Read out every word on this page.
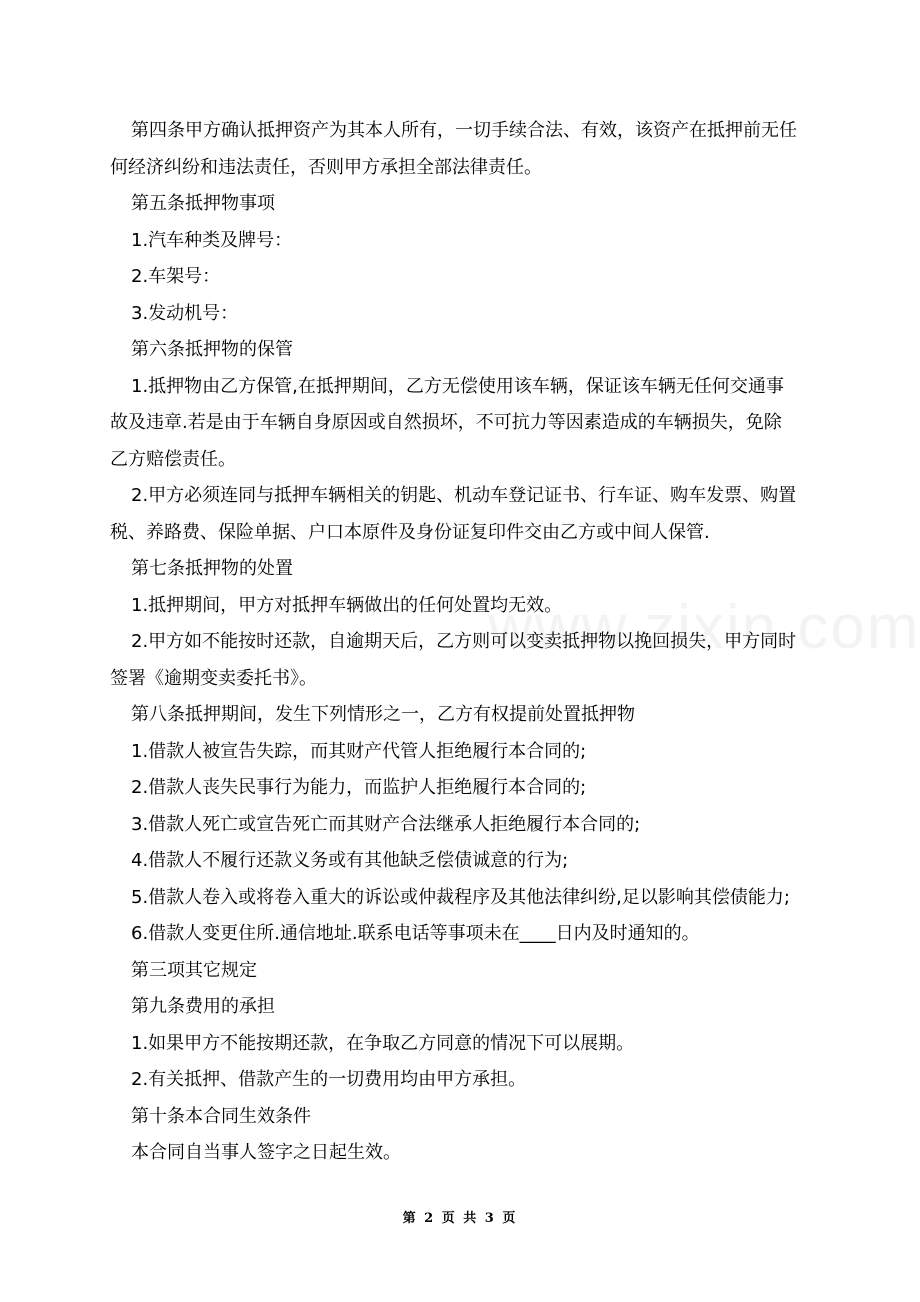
第四条甲方确认抵押资产为其本人所有，一切手续合法、有效，该资产在抵押前无任
何经济纠纷和违法责任，否则甲方承担全部法律责任。

第五条抵押物事项

1.汽车种类及牌号：

2.车架号：

3.发动机号：

第六条抵押物的保管

1.抵押物由乙方保管,在抵押期间，乙方无偿使用该车辆，保证该车辆无任何交通事
故及违章.若是由于车辆自身原因或自然损坏，不可抗力等因素造成的车辆损失，免除
乙方赔偿责任。
2.甲方必须连同与抵押车辆相关的钥匙、机动车登记证书、行车证、购车发票、购置
税、养路费、保险单据、户口本原件及身份证复印件交由乙方或中间人保管.

第七条抵押物的处置

1.抵押期间，甲方对抵押车辆做出的任何处置均无效。

2.甲方如不能按时还款，自逾期天后，乙方则可以变卖抵押物以挽回损失，甲方同时
签署《逾期变卖委托书》。

第八条抵押期间，发生下列情形之一，乙方有权提前处置抵押物

1.借款人被宣告失踪，而其财产代管人拒绝履行本合同的;

2.借款人丧失民事行为能力，而监护人拒绝履行本合同的;

3.借款人死亡或宣告死亡而其财产合法继承人拒绝履行本合同的;

4.借款人不履行还款义务或有其他缺乏偿债诚意的行为;

5.借款人卷入或将卷入重大的诉讼或仲裁程序及其他法律纠纷,足以影响其偿债能力;

6.借款人变更住所.通信地址.联系电话等事项未在____日内及时通知的。

第三项其它规定

第九条费用的承担

1.如果甲方不能按期还款，在争取乙方同意的情况下可以展期。

2.有关抵押、借款产生的一切费用均由甲方承担。

第十条本合同生效条件

本合同自当事人签字之日起生效。

第 2 页 共 3 页
